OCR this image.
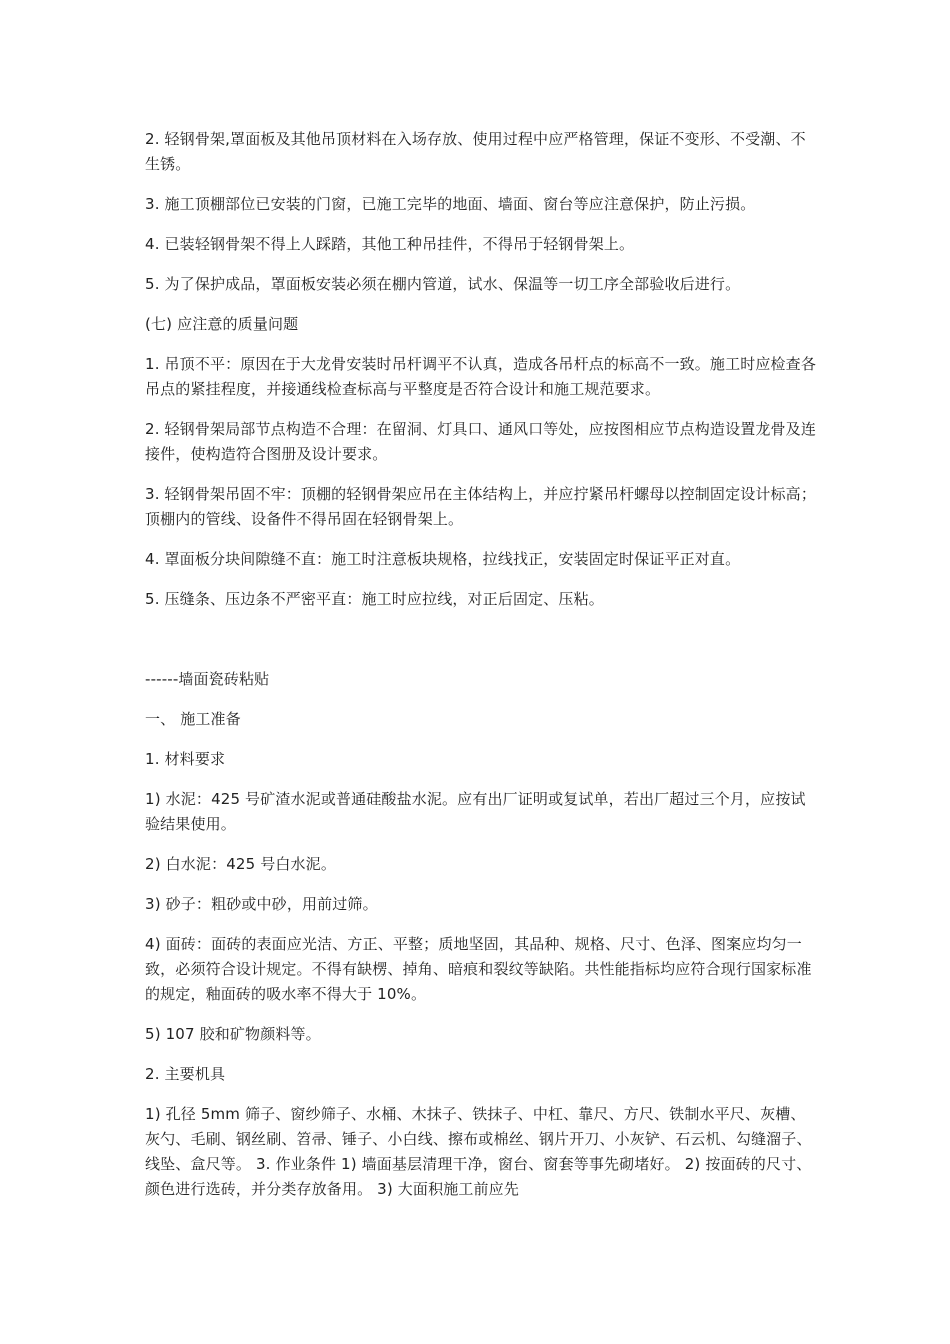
2. 轻钢骨架,罩面板及其他吊顶材料在入场存放、使用过程中应严格管理，保证不变形、不受潮、不生锈。

3. 施工顶棚部位已安装的门窗，已施工完毕的地面、墙面、窗台等应注意保护，防止污损。

4. 已装轻钢骨架不得上人踩踏，其他工种吊挂件，不得吊于轻钢骨架上。

5. 为了保护成品，罩面板安装必须在棚内管道，试水、保温等一切工序全部验收后进行。

(七) 应注意的质量问题

1. 吊顶不平：原因在于大龙骨安装时吊杆调平不认真，造成各吊杆点的标高不一致。施工时应检查各吊点的紧挂程度，并接通线检查标高与平整度是否符合设计和施工规范要求。

2. 轻钢骨架局部节点构造不合理：在留洞、灯具口、通风口等处，应按图相应节点构造设置龙骨及连接件，使构造符合图册及设计要求。

3. 轻钢骨架吊固不牢：顶棚的轻钢骨架应吊在主体结构上，并应拧紧吊杆螺母以控制固定设计标高；顶棚内的管线、设备件不得吊固在轻钢骨架上。

4. 罩面板分块间隙缝不直：施工时注意板块规格，拉线找正，安装固定时保证平正对直。

5. 压缝条、压边条不严密平直：施工时应拉线，对正后固定、压粘。

------墙面瓷砖粘贴

一、 施工准备

1. 材料要求

1) 水泥：425 号矿渣水泥或普通硅酸盐水泥。应有出厂证明或复试单，若出厂超过三个月，应按试验结果使用。

2) 白水泥：425 号白水泥。

3) 砂子：粗砂或中砂，用前过筛。

4) 面砖：面砖的表面应光洁、方正、平整；质地坚固，其品种、规格、尺寸、色泽、图案应均匀一致，必须符合设计规定。不得有缺楞、掉角、暗痕和裂纹等缺陷。共性能指标均应符合现行国家标准的规定，釉面砖的吸水率不得大于 10%。

5) 107 胶和矿物颜料等。

2. 主要机具

1) 孔径 5mm 筛子、窗纱筛子、水桶、木抹子、铁抹子、中杠、靠尺、方尺、铁制水平尺、灰槽、灰勺、毛刷、钢丝刷、笤帚、锤子、小白线、擦布或棉丝、钢片开刀、小灰铲、石云机、勾缝溜子、线坠、盒尺等。 3. 作业条件 1) 墙面基层清理干净，窗台、窗套等事先砌堵好。 2) 按面砖的尺寸、颜色进行选砖，并分类存放备用。 3) 大面积施工前应先
